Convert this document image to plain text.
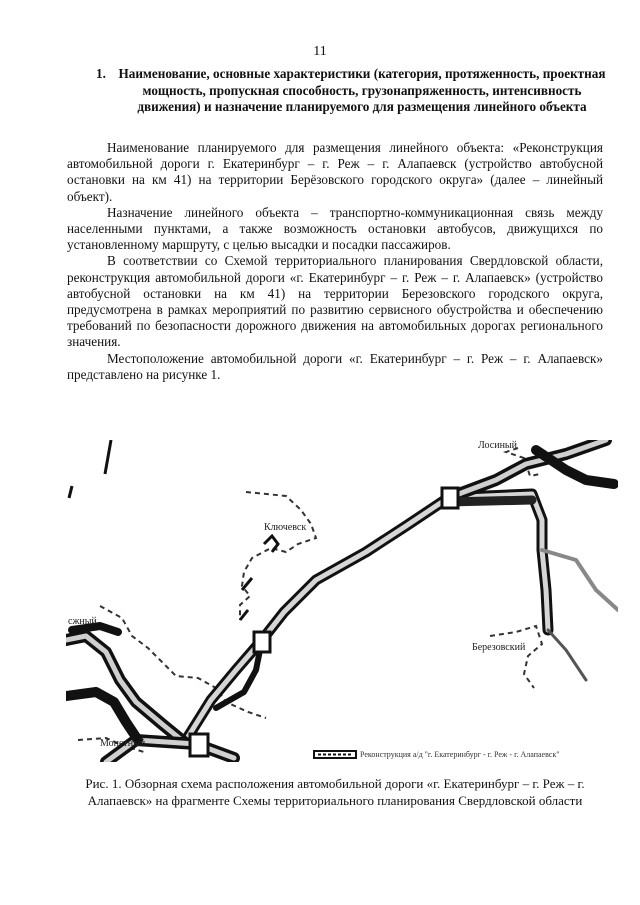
11
1. Наименование, основные характеристики (категория, протяженность, проектная мощность, пропускная способность, грузонапряженность, интенсивность движения) и назначение планируемого для размещения линейного объекта

Наименование планируемого для размещения линейного объекта: «Реконструкция автомобильной дороги г. Екатеринбург – г. Реж – г. Алапаевск (устройство автобусной остановки на км 41) на территории Берёзовского городского округа» (далее – линейный объект).

Назначение линейного объекта – транспортно-коммуникационная связь между населенными пунктами, а также возможность остановки автобусов, движущихся по установленному маршруту, с целью высадки и посадки пассажиров.

В соответствии со Схемой территориального планирования Свердловской области, реконструкция автомобильной дороги «г. Екатеринбург – г. Реж – г. Алапаевск» (устройство автобусной остановки на км 41) на территории Березовского городского округа, предусмотрена в рамках мероприятий по развитию сервисного обустройства и обеспечению требований по безопасности дорожного движения на автомобильных дорогах регионального значения.

Местоположение автомобильной дороги «г. Екатеринбург – г. Реж – г. Алапаевск» представлено на рисунке 1.

Ключевск
Лосиный
Березовский
Монетный
сжный
Реконструкция а/д "г. Екатеринбург - г. Реж - г. Алапаевск"
Рис. 1. Обзорная схема расположения автомобильной дороги «г. Екатеринбург – г. Реж – г. Алапаевск» на фрагменте Схемы территориального планирования Свердловской области
